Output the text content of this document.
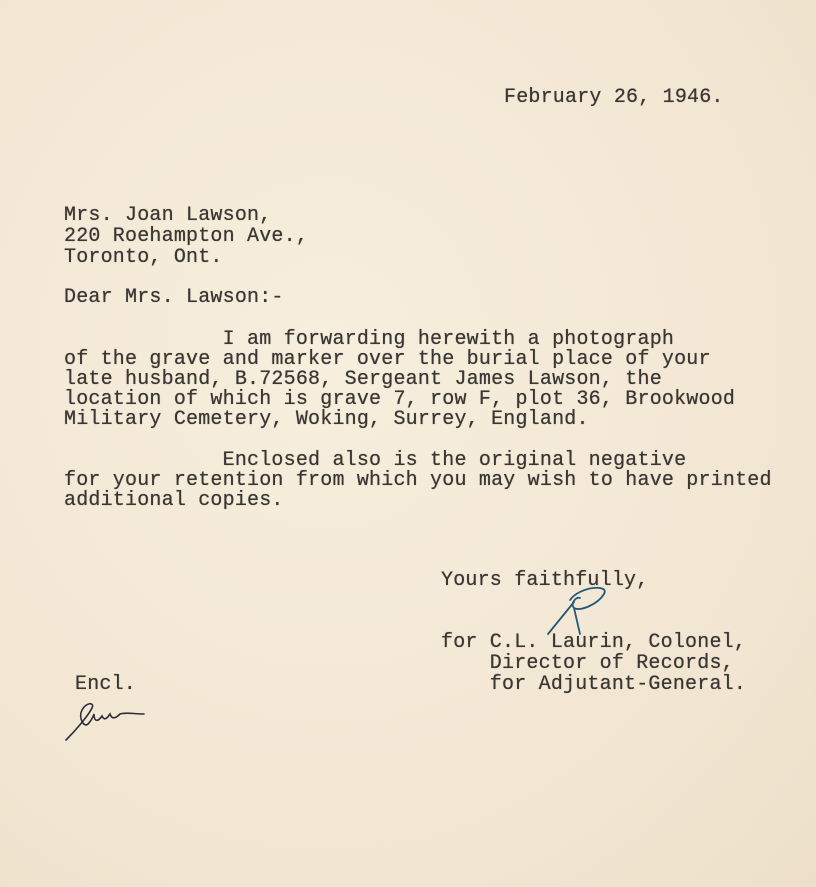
February 26, 1946.
Mrs. Joan Lawson,
220 Roehampton Ave.,
Toronto, Ont.
Dear Mrs. Lawson:-
I am forwarding herewith a photograph
of the grave and marker over the burial place of your
late husband, B.72568, Sergeant James Lawson, the
location of which is grave 7, row F, plot 36, Brookwood
Military Cemetery, Woking, Surrey, England.
Enclosed also is the original negative
for your retention from which you may wish to have printed
additional copies.
Yours faithfully,
for C.L. Laurin, Colonel,
Director of Records,
for Adjutant-General.
Encl.
